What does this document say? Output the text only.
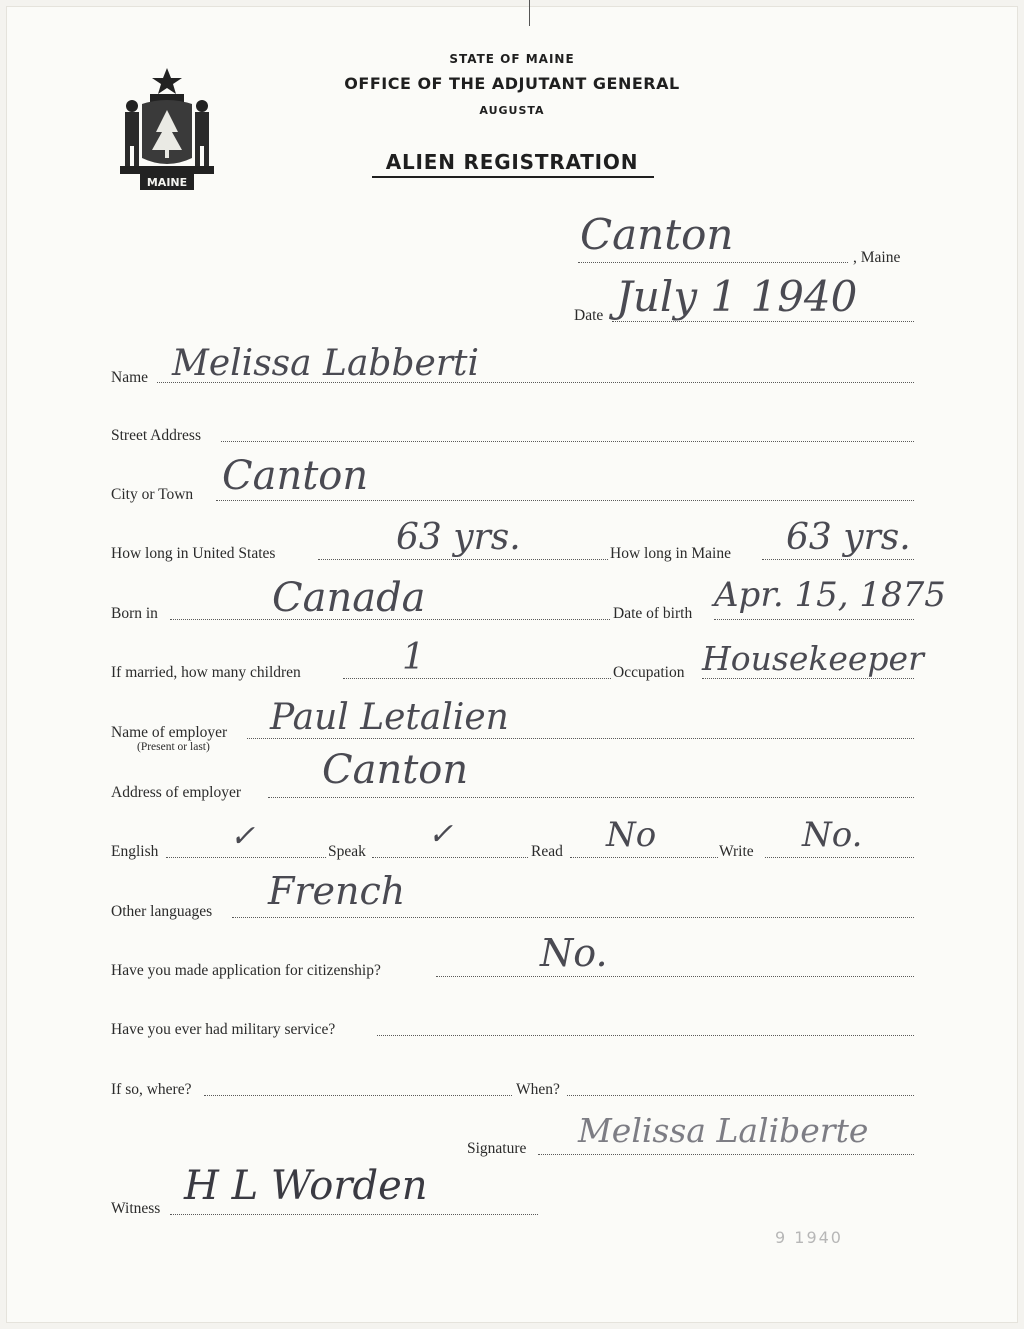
MAINE
STATE OF MAINE
OFFICE OF THE ADJUTANT GENERAL
AUGUSTA
ALIEN REGISTRATION
Canton	, Maine
Date July 1 1940
Name Melissa Labberti
Street Address
City or Town Canton
How long in United States	63 yrs.	How long in Maine 63 yrs.
Born in	Canada	Date of birth Apr. 15, 1875
If married, how many children	1	Occupation Housekeeper
Name of employer
(Present or last)
Paul Letalien
Address of employer Canton
English ✓	Speak ✓	Read No	Write No.
Other languages French
Have you made application for citizenship?	No.
Have you ever had military service?
If so, where?	When?
Signature Melissa Laliberte
Witness H L Worden
9 1940
